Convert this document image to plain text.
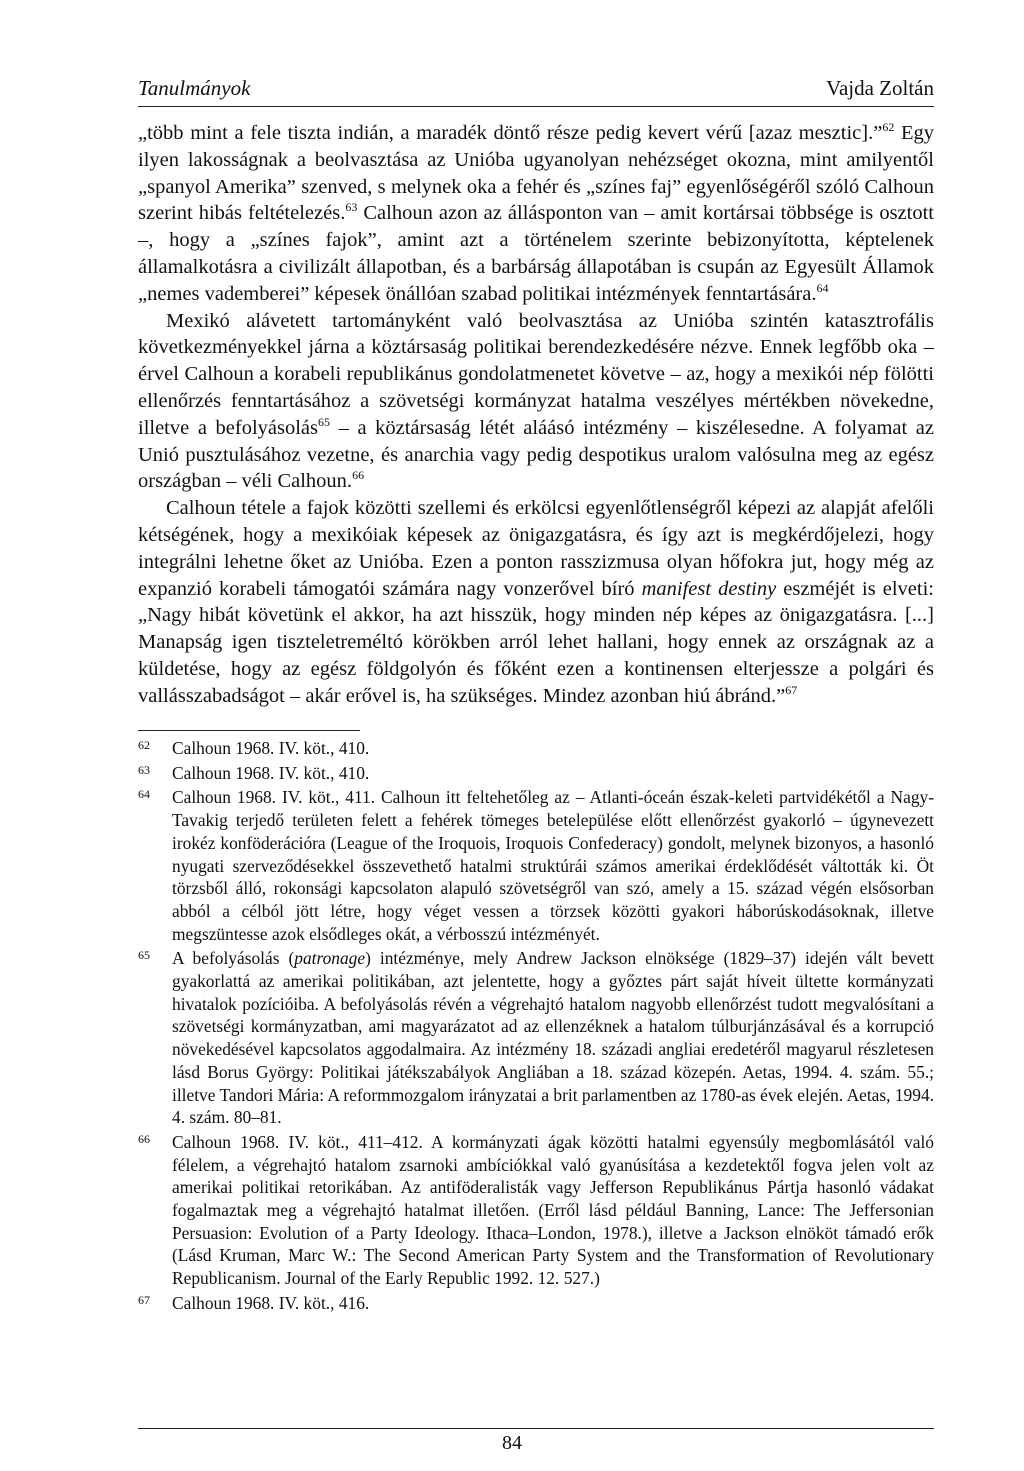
Tanulmányok	Vajda Zoltán

„több mint a fele tiszta indián, a maradék döntő része pedig kevert vérű [azaz mesztic].”$^{62}$ Egy ilyen lakosságnak a beolvasztása az Unióba ugyanolyan nehézséget okozna, mint amilyentől „spanyol Amerika” szenved, s melynek oka a fehér és „színes faj” egyenlőségéről szóló Calhoun szerint hibás feltételezés.$^{63}$ Calhoun azon az állásponton van – amit kortársai többsége is osztott –, hogy a „színes fajok”, amint azt a történelem szerinte bebizonyította, képtelenek államalkotásra a civilizált állapotban, és a barbárság állapotában is csupán az Egyesült Államok „nemes vademberei” képesek önállóan szabad politikai intézmények fenntartására.$^{64}$

Mexikó alávetett tartományként való beolvasztása az Unióba szintén katasztrofális következményekkel járna a köztársaság politikai berendezkedésére nézve. Ennek legfőbb oka – érvel Calhoun a korabeli republikánus gondolatmenetet követve – az, hogy a mexikói nép fölötti ellenőrzés fenntartásához a szövetségi kormányzat hatalma veszélyes mértékben növekedne, illetve a befolyásolás$^{65}$ – a köztársaság létét aláásó intézmény – kiszélesedne. A folyamat az Unió pusztulásához vezetne, és anarchia vagy pedig despotikus uralom valósulna meg az egész országban – véli Calhoun.$^{66}$

Calhoun tétele a fajok közötti szellemi és erkölcsi egyenlőtlenségről képezi az alapját afelőli kétségének, hogy a mexikóiak képesek az önigazgatásra, és így azt is megkérdőjelezi, hogy integrálni lehetne őket az Unióba. Ezen a ponton rasszizmusa olyan hőfokra jut, hogy még az expanzió korabeli támogatói számára nagy vonzerővel bíró manifest destiny eszméjét is elveti: „Nagy hibát követünk el akkor, ha azt hisszük, hogy minden nép képes az önigazgatásra. [...] Manapság igen tiszteletreméltó körökben arról lehet hallani, hogy ennek az országnak az a küldetése, hogy az egész földgolyón és főként ezen a kontinensen elterjessze a polgári és vallásszabadságot – akár erővel is, ha szükséges. Mindez azonban hiú ábránd.”$^{67}$

62 Calhoun 1968. IV. köt., 410.
63 Calhoun 1968. IV. köt., 410.
64 Calhoun 1968. IV. köt., 411. Calhoun itt feltehetőleg az – Atlanti-óceán észak-keleti partvidékétől a Nagy-Tavakig terjedő területen felett a fehérek tömeges betelepülése előtt ellenőrzést gyakorló – úgynevezett irokéz konföderációra (League of the Iroquois, Iroquois Confederacy) gondolt, melynek bizonyos, a hasonló nyugati szerveződésekkel összevethető hatalmi struktúrái számos amerikai érdeklődését váltották ki. Öt törzsből álló, rokonsági kapcsolaton alapuló szövetségről van szó, amely a 15. század végén elsősorban abból a célból jött létre, hogy véget vessen a törzsek közötti gyakori háborúskodásoknak, illetve megszüntesse azok elsődleges okát, a vérbosszú intézményét.
65 A befolyásolás (patronage) intézménye, mely Andrew Jackson elnöksége (1829–37) idején vált bevett gyakorlattá az amerikai politikában, azt jelentette, hogy a győztes párt saját híveit ültette kormányzati hivatalok pozícióiba. A befolyásolás révén a végrehajtó hatalom nagyobb ellenőrzést tudott megvalósítani a szövetségi kormányzatban, ami magyarázatot ad az ellenzéknek a hatalom túlburjánzásával és a korrupció növekedésével kapcsolatos aggodalmaira. Az intézmény 18. századi angliai eredetéről magyarul részletesen lásd Borus György: Politikai játékszabályok Angliában a 18. század közepén. Aetas, 1994. 4. szám. 55.; illetve Tandori Mária: A reformmozgalom irányzatai a brit parlamentben az 1780-as évek elején. Aetas, 1994. 4. szám. 80–81.
66 Calhoun 1968. IV. köt., 411–412. A kormányzati ágak közötti hatalmi egyensúly megbomlásától való félelem, a végrehajtó hatalom zsarnoki ambíciókkal való gyanúsítása a kezdetektől fogva jelen volt az amerikai politikai retorikában. Az antiföderalisták vagy Jefferson Republikánus Pártja hasonló vádakat fogalmaztak meg a végrehajtó hatalmat illetően. (Erről lásd például Banning, Lance: The Jeffersonian Persuasion: Evolution of a Party Ideology. Ithaca–London, 1978.), illetve a Jackson elnököt támadó erők (Lásd Kruman, Marc W.: The Second American Party System and the Transformation of Revolutionary Republicanism. Journal of the Early Republic 1992. 12. 527.)
67 Calhoun 1968. IV. köt., 416.
84
